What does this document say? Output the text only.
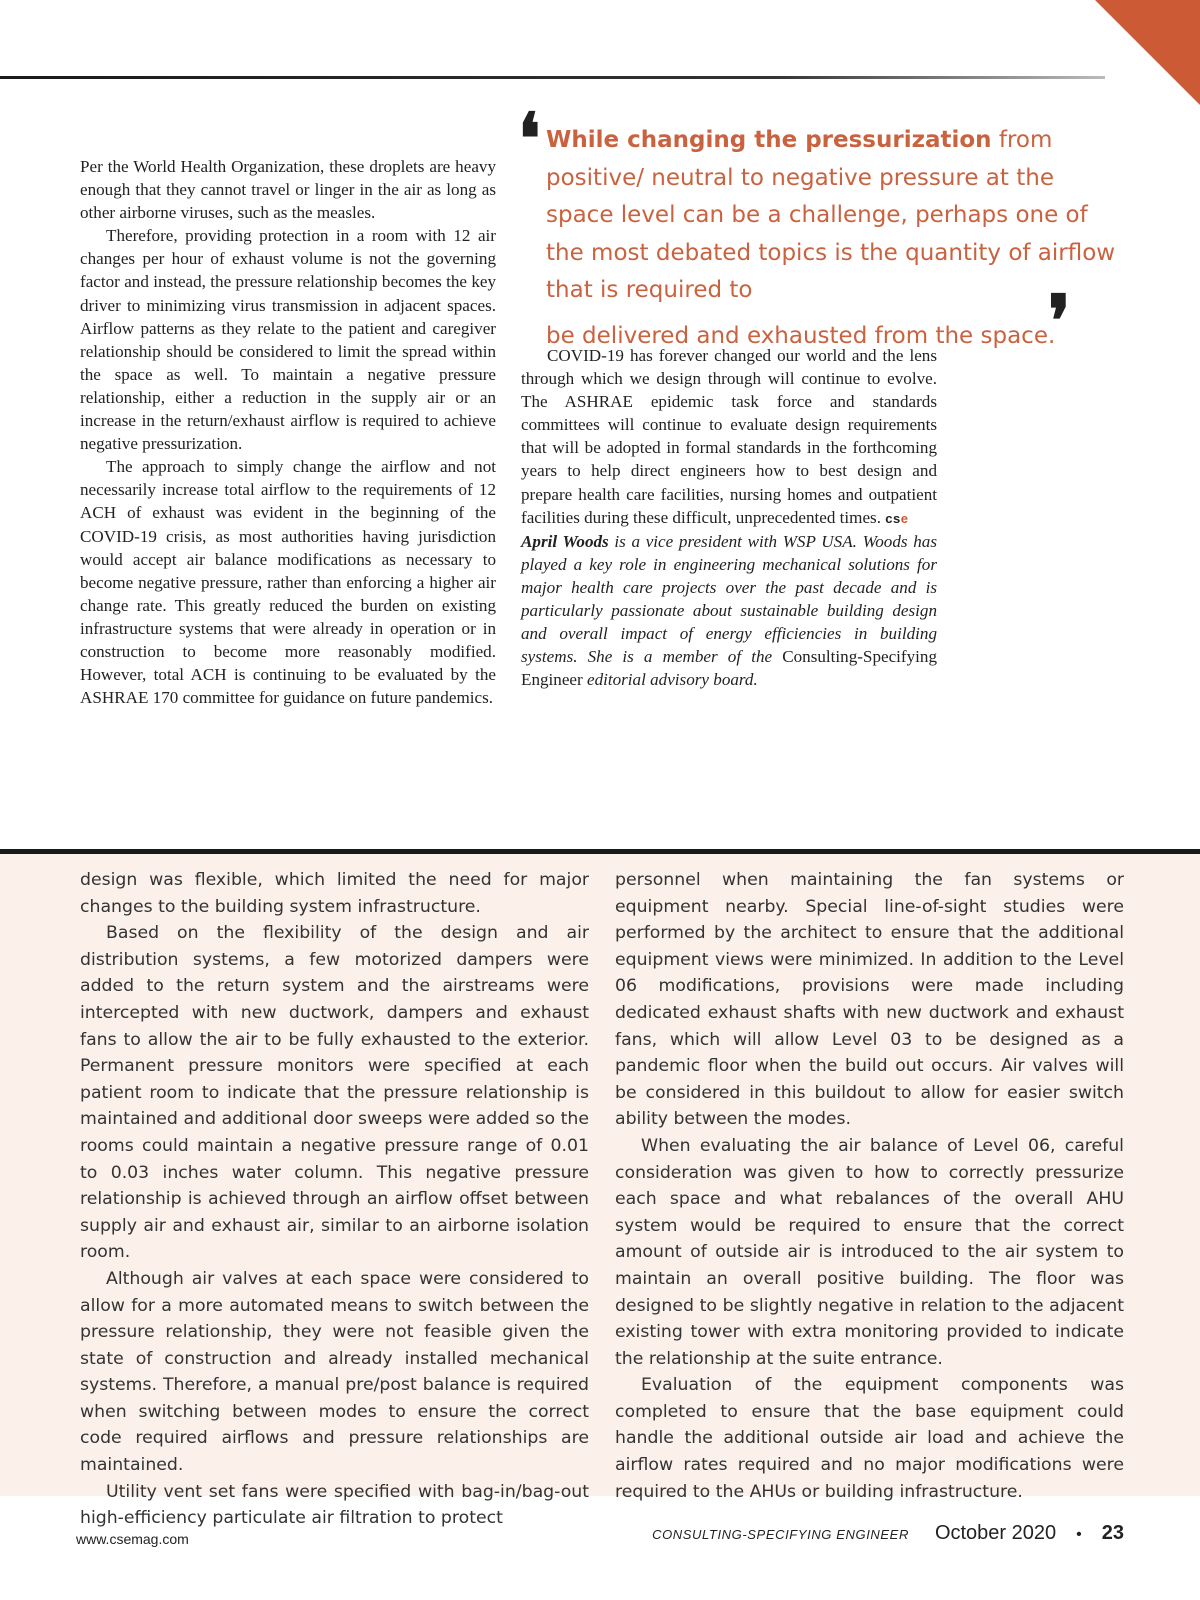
Per the World Health Organization, these droplets are heavy enough that they cannot travel or linger in the air as long as other airborne viruses, such as the measles.

Therefore, providing protection in a room with 12 air changes per hour of exhaust volume is not the governing factor and instead, the pressure relationship becomes the key driver to minimizing virus transmission in adjacent spaces. Airflow patterns as they relate to the patient and caregiver relationship should be considered to limit the spread within the space as well. To maintain a negative pressure relationship, either a reduction in the supply air or an increase in the return/exhaust airflow is required to achieve negative pressurization.

The approach to simply change the airflow and not necessarily increase total airflow to the requirements of 12 ACH of exhaust was evident in the beginning of the COVID-19 crisis, as most authorities having jurisdiction would accept air balance modifications as necessary to become negative pressure, rather than enforcing a higher air change rate. This greatly reduced the burden on existing infrastructure systems that were already in operation or in construction to become more reasonably modified. However, total ACH is continuing to be evaluated by the ASHRAE 170 committee for guidance on future pandemics.

❛ While changing the pressurization from positive/ neutral to negative pressure at the space level can be a challenge, perhaps one of the most debated topics is the quantity of airflow that is required to
be delivered and exhausted from the space.
❜

COVID-19 has forever changed our world and the lens through which we design through will continue to evolve. The ASHRAE epidemic task force and standards committees will continue to evaluate design requirements that will be adopted in formal standards in the forthcoming years to help direct engineers how to best design and prepare health care facilities, nursing homes and outpatient facilities during these difficult, unprecedented times. cse

April Woods is a vice president with WSP USA. Woods has played a key role in engineering mechanical solutions for major health care projects over the past decade and is particularly passionate about sustainable building design and overall impact of energy efficiencies in building systems. She is a member of the Consulting-Specifying Engineer editorial advisory board.

design was flexible, which limited the need for major changes to the building system infrastructure.

Based on the flexibility of the design and air distribution systems, a few motorized dampers were added to the return system and the airstreams were intercepted with new ductwork, dampers and exhaust fans to allow the air to be fully exhausted to the exterior. Permanent pressure monitors were specified at each patient room to indicate that the pressure relationship is maintained and additional door sweeps were added so the rooms could maintain a negative pressure range of 0.01 to 0.03 inches water column. This negative pressure relationship is achieved through an airflow offset between supply air and exhaust air, similar to an airborne isolation room.

Although air valves at each space were considered to allow for a more automated means to switch between the pressure relationship, they were not feasible given the state of construction and already installed mechanical systems. Therefore, a manual pre/post balance is required when switching between modes to ensure the correct code required airflows and pressure relationships are maintained.

Utility vent set fans were specified with bag-in/bag-out high-efficiency particulate air filtration to protect

personnel when maintaining the fan systems or equipment nearby. Special line-of-sight studies were performed by the architect to ensure that the additional equipment views were minimized. In addition to the Level 06 modifications, provisions were made including dedicated exhaust shafts with new ductwork and exhaust fans, which will allow Level 03 to be designed as a pandemic floor when the build out occurs. Air valves will be considered in this buildout to allow for easier switch ability between the modes.

When evaluating the air balance of Level 06, careful consideration was given to how to correctly pressurize each space and what rebalances of the overall AHU system would be required to ensure that the correct amount of outside air is introduced to the air system to maintain an overall positive building. The floor was designed to be slightly negative in relation to the adjacent existing tower with extra monitoring provided to indicate the relationship at the suite entrance.

Evaluation of the equipment components was completed to ensure that the base equipment could handle the additional outside air load and achieve the airflow rates required and no major modifications were required to the AHUs or building infrastructure.

www.csemag.com	CONSULTING-SPECIFYING ENGINEER October 2020 • 23
